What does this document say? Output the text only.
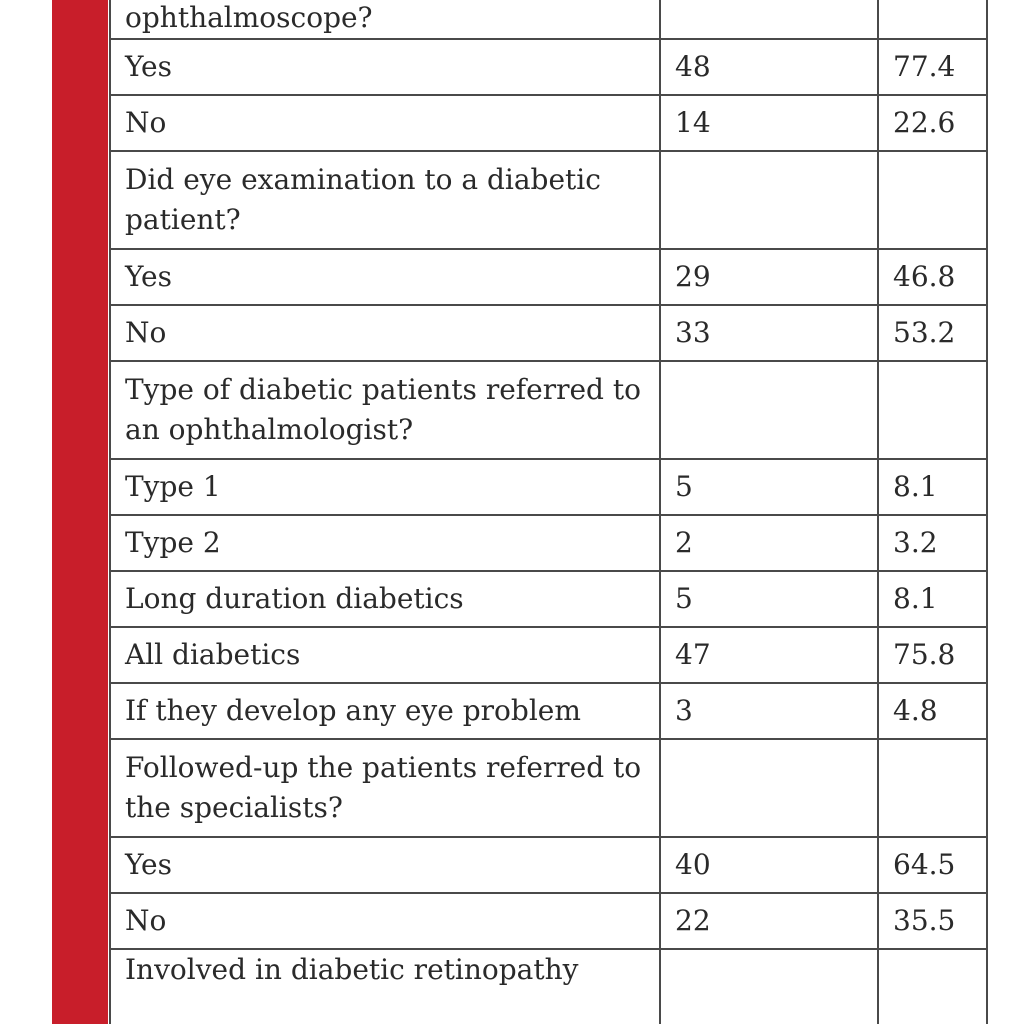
ophthalmoscope?		
Yes	48	77.4
No	14	22.6
Did eye examination to a diabetic patient?		
Yes	29	46.8
No	33	53.2
Type of diabetic patients referred to an ophthalmologist?		
Type 1	5	8.1
Type 2	2	3.2
Long duration diabetics	5	8.1
All diabetics	47	75.8
If they develop any eye problem	3	4.8
Followed-up the patients referred to the specialists?		
Yes	40	64.5
No	22	35.5
Involved in diabetic retinopathy		
